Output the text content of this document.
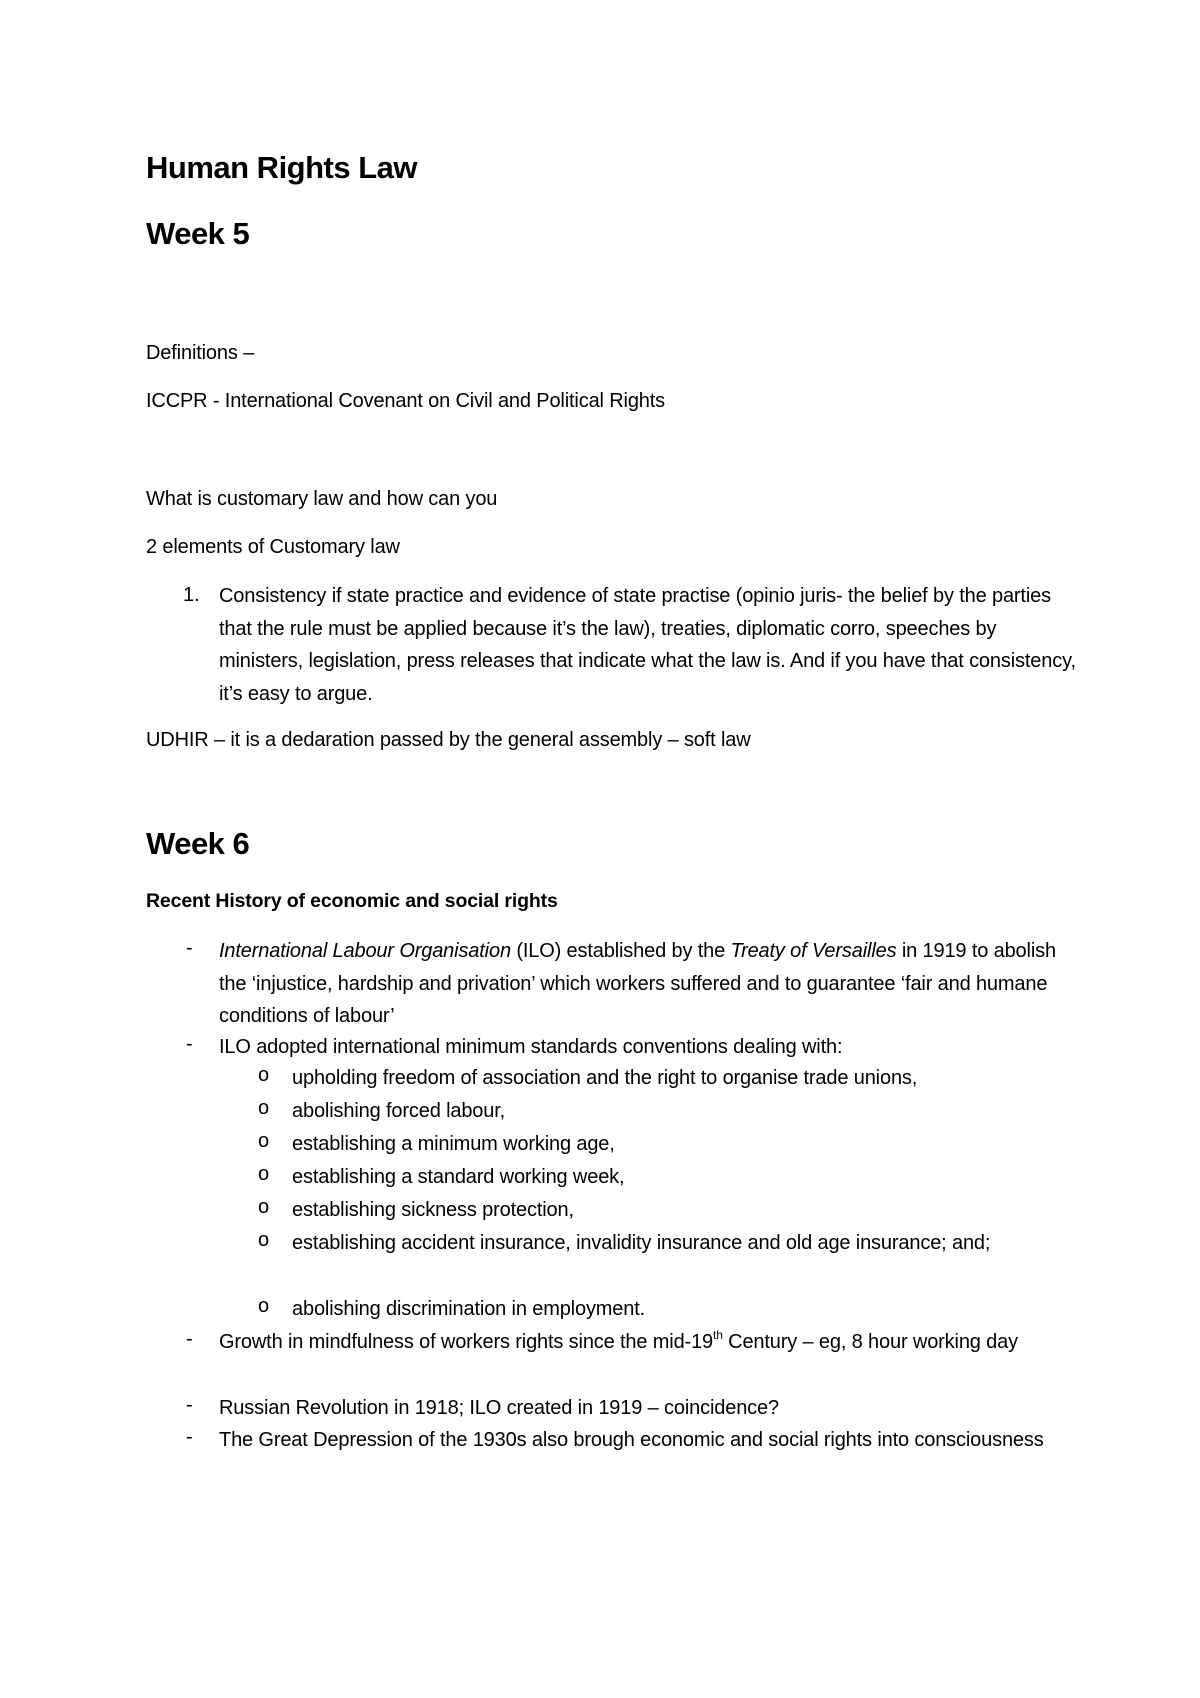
Human Rights Law
Week 5
Definitions –
ICCPR - International Covenant on Civil and Political Rights
What is customary law and how can you
2 elements of Customary law
1. Consistency if state practice and evidence of state practise (opinio juris- the belief by the parties that the rule must be applied because it’s the law), treaties, diplomatic corro, speeches by ministers, legislation, press releases that indicate what the law is. And if you have that consistency, it’s easy to argue.
UDHIR – it is a dedaration passed by the general assembly – soft law
Week 6
Recent History of economic and social rights
- International Labour Organisation (ILO) established by the Treaty of Versailles in 1919 to abolish the ‘injustice, hardship and privation’ which workers suffered and to guarantee ‘fair and humane conditions of labour’
- ILO adopted international minimum standards conventions dealing with:
o upholding freedom of association and the right to organise trade unions,
o abolishing forced labour,
o establishing a minimum working age,
o establishing a standard working week,
o establishing sickness protection,
o establishing accident insurance, invalidity insurance and old age insurance; and;
o abolishing discrimination in employment.
- Growth in mindfulness of workers rights since the mid-19th Century – eg, 8 hour working day
- Russian Revolution in 1918; ILO created in 1919 – coincidence?
- The Great Depression of the 1930s also brough economic and social rights into consciousness
